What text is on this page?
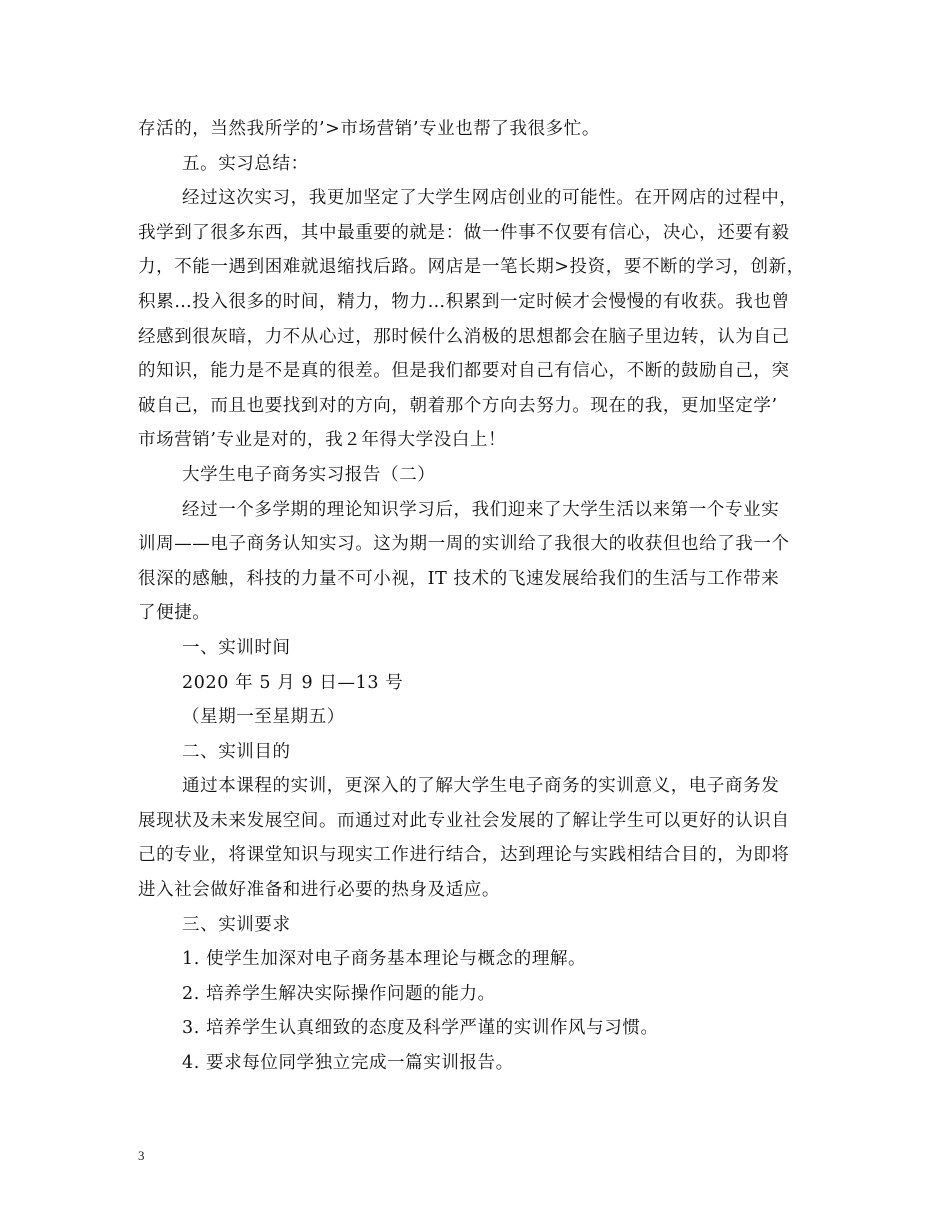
存活的，当然我所学的’>市场营销’专业也帮了我很多忙。
五。实习总结：
经过这次实习，我更加坚定了大学生网店创业的可能性。在开网店的过程中，
我学到了很多东西，其中最重要的就是：做一件事不仅要有信心，决心，还要有毅
力，不能一遇到困难就退缩找后路。网店是一笔长期>投资，要不断的学习，创新，
积累…投入很多的时间，精力，物力…积累到一定时候才会慢慢的有收获。我也曾
经感到很灰暗，力不从心过，那时候什么消极的思想都会在脑子里边转，认为自己
的知识，能力是不是真的很差。但是我们都要对自己有信心，不断的鼓励自己，突
破自己，而且也要找到对的方向，朝着那个方向去努力。现在的我，更加坚定学’
市场营销’专业是对的，我２年得大学没白上！
大学生电子商务实习报告（二）
经过一个多学期的理论知识学习后，我们迎来了大学生活以来第一个专业实
训周——电子商务认知实习。这为期一周的实训给了我很大的收获但也给了我一个
很深的感触，科技的力量不可小视，IT 技术的飞速发展给我们的生活与工作带来
了便捷。
一、实训时间
2020 年 5 月 9 日—13 号
（星期一至星期五）
二、实训目的
通过本课程的实训，更深入的了解大学生电子商务的实训意义，电子商务发
展现状及未来发展空间。而通过对此专业社会发展的了解让学生可以更好的认识自
己的专业，将课堂知识与现实工作进行结合，达到理论与实践相结合目的，为即将
进入社会做好准备和进行必要的热身及适应。
三、实训要求
1. 使学生加深对电子商务基本理论与概念的理解。
2. 培养学生解决实际操作问题的能力。
3. 培养学生认真细致的态度及科学严谨的实训作风与习惯。
4. 要求每位同学独立完成一篇实训报告。
3
